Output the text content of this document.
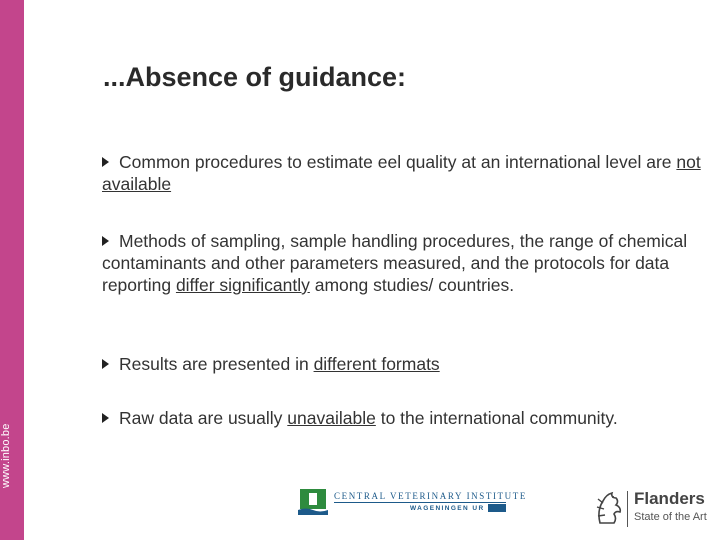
www.inbo.be
...Absence of guidance:
Common procedures to estimate eel quality at an international level are not available
Methods of sampling, sample handling procedures, the range of chemical contaminants and other parameters measured, and the protocols for data reporting differ significantly among studies/ countries.
Results are presented in different formats
Raw data are usually unavailable to the international community.
CENTRAL VETERINARY INSTITUTE
WAGENINGEN UR
Flanders
State of the Art
